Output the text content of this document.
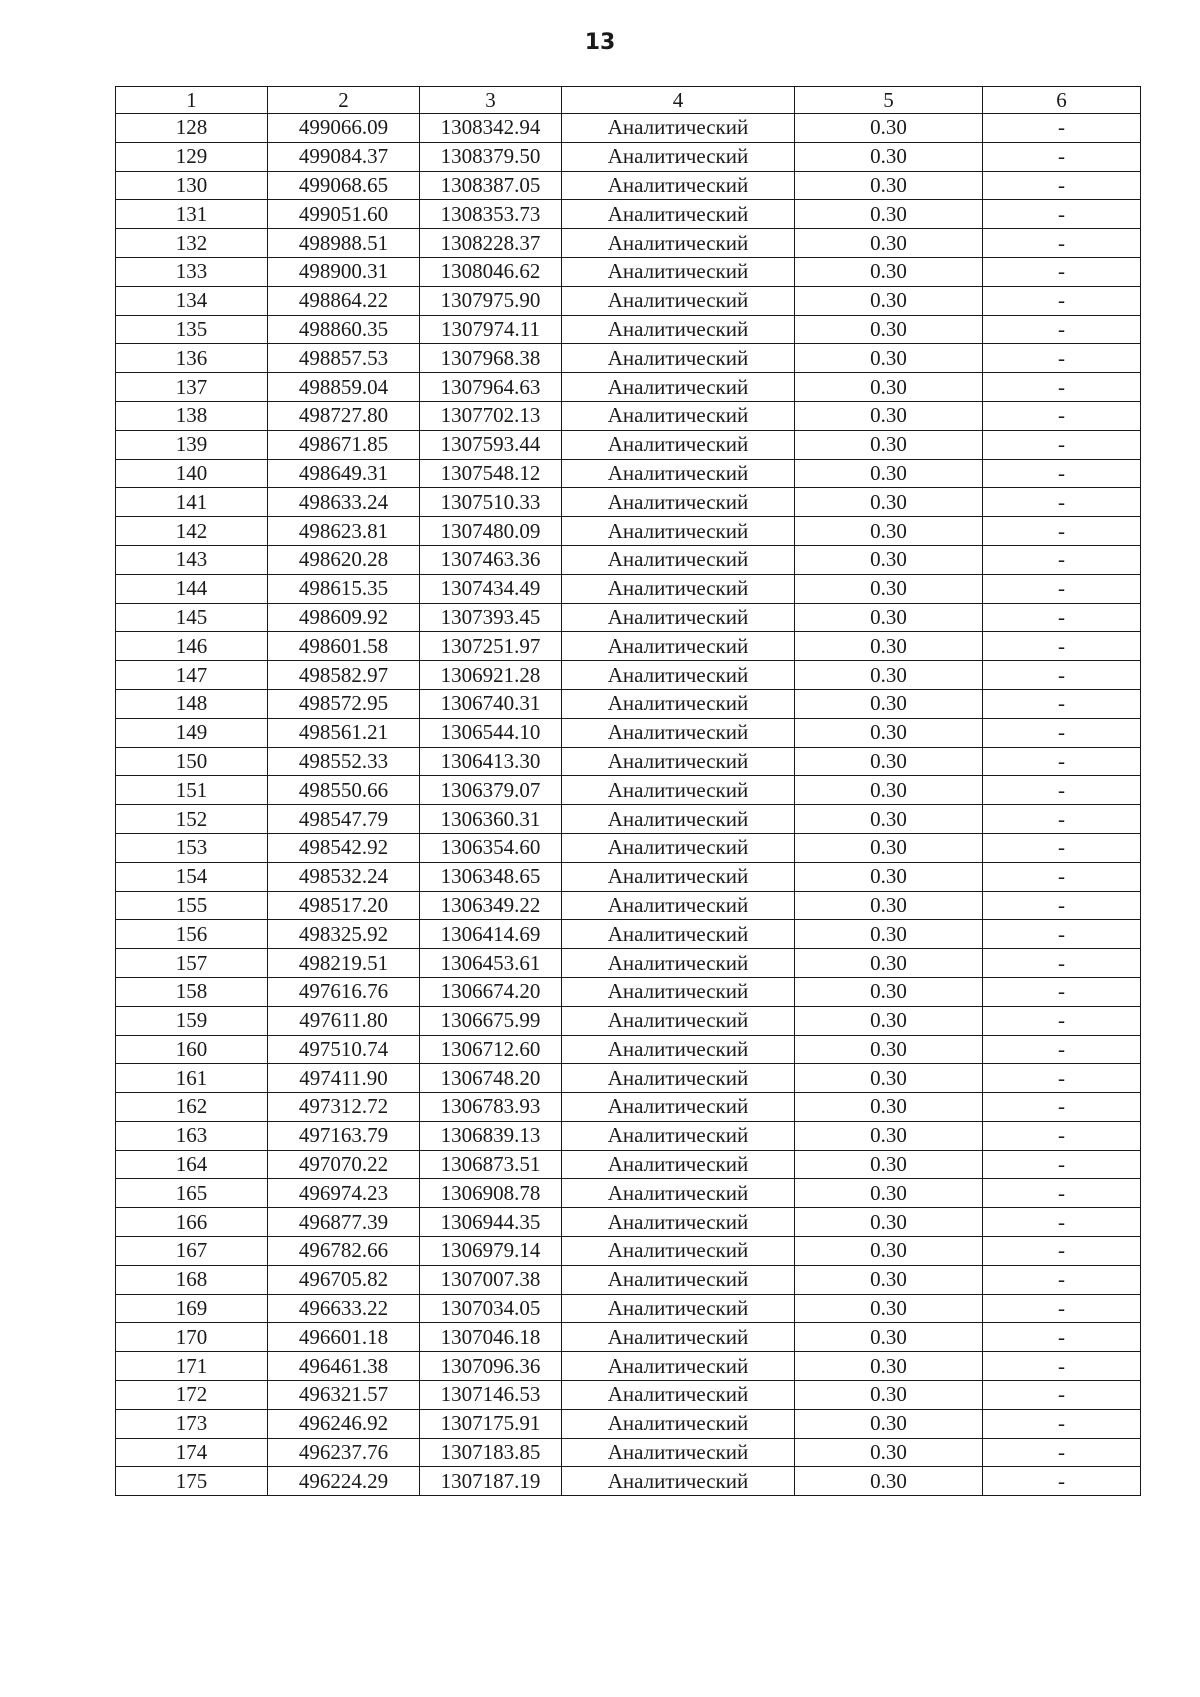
13
1	2	3	4	5	6
128	499066.09	1308342.94	Аналитический	0.30	-
129	499084.37	1308379.50	Аналитический	0.30	-
130	499068.65	1308387.05	Аналитический	0.30	-
131	499051.60	1308353.73	Аналитический	0.30	-
132	498988.51	1308228.37	Аналитический	0.30	-
133	498900.31	1308046.62	Аналитический	0.30	-
134	498864.22	1307975.90	Аналитический	0.30	-
135	498860.35	1307974.11	Аналитический	0.30	-
136	498857.53	1307968.38	Аналитический	0.30	-
137	498859.04	1307964.63	Аналитический	0.30	-
138	498727.80	1307702.13	Аналитический	0.30	-
139	498671.85	1307593.44	Аналитический	0.30	-
140	498649.31	1307548.12	Аналитический	0.30	-
141	498633.24	1307510.33	Аналитический	0.30	-
142	498623.81	1307480.09	Аналитический	0.30	-
143	498620.28	1307463.36	Аналитический	0.30	-
144	498615.35	1307434.49	Аналитический	0.30	-
145	498609.92	1307393.45	Аналитический	0.30	-
146	498601.58	1307251.97	Аналитический	0.30	-
147	498582.97	1306921.28	Аналитический	0.30	-
148	498572.95	1306740.31	Аналитический	0.30	-
149	498561.21	1306544.10	Аналитический	0.30	-
150	498552.33	1306413.30	Аналитический	0.30	-
151	498550.66	1306379.07	Аналитический	0.30	-
152	498547.79	1306360.31	Аналитический	0.30	-
153	498542.92	1306354.60	Аналитический	0.30	-
154	498532.24	1306348.65	Аналитический	0.30	-
155	498517.20	1306349.22	Аналитический	0.30	-
156	498325.92	1306414.69	Аналитический	0.30	-
157	498219.51	1306453.61	Аналитический	0.30	-
158	497616.76	1306674.20	Аналитический	0.30	-
159	497611.80	1306675.99	Аналитический	0.30	-
160	497510.74	1306712.60	Аналитический	0.30	-
161	497411.90	1306748.20	Аналитический	0.30	-
162	497312.72	1306783.93	Аналитический	0.30	-
163	497163.79	1306839.13	Аналитический	0.30	-
164	497070.22	1306873.51	Аналитический	0.30	-
165	496974.23	1306908.78	Аналитический	0.30	-
166	496877.39	1306944.35	Аналитический	0.30	-
167	496782.66	1306979.14	Аналитический	0.30	-
168	496705.82	1307007.38	Аналитический	0.30	-
169	496633.22	1307034.05	Аналитический	0.30	-
170	496601.18	1307046.18	Аналитический	0.30	-
171	496461.38	1307096.36	Аналитический	0.30	-
172	496321.57	1307146.53	Аналитический	0.30	-
173	496246.92	1307175.91	Аналитический	0.30	-
174	496237.76	1307183.85	Аналитический	0.30	-
175	496224.29	1307187.19	Аналитический	0.30	-
